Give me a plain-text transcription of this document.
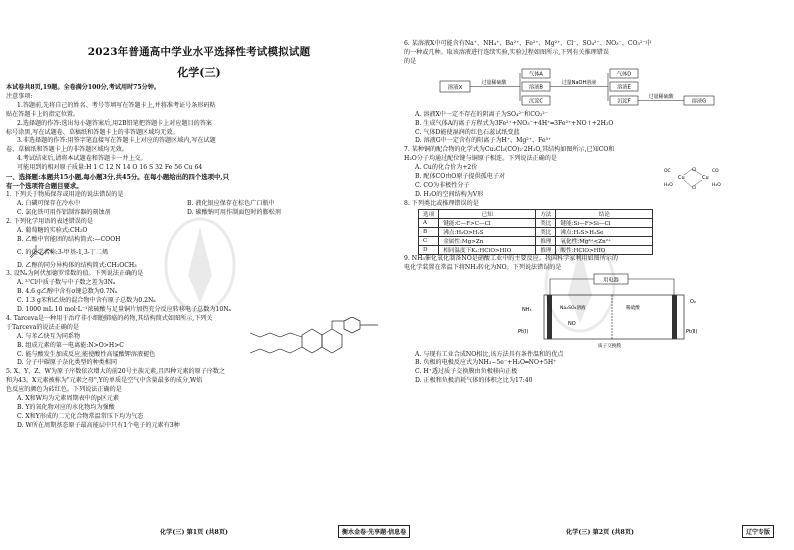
2023年普通高中学业水平选择性考试模拟试题
化学(三)

本试卷共8页,19题。全卷满分100分,考试用时75分钟。

注意事项:

1.答题前,先将自己的姓名、考号等填写在答题卡上,并将准考证号条形码粘

贴在答题卡上的指定位置。

2.选择题的作答:选出每小题答案后,用2B铅笔把答题卡上对应题目的答案

标号涂黑,写在试题卷、草稿纸和答题卡上的非答题区域均无效。

3.非选择题的作答:用签字笔直接写在答题卡上对应的答题区域内,写在试题

卷、草稿纸和答题卡上的非答题区域均无效。

4.考试结束后,请将本试题卷和答题卡一并上交。

可能用到的相对原子质量:H 1 C 12 N 14 O 16 S 32 Fe 56 Cu 64

一、选择题:本题共15小题,每小题3分,共45分。在每小题给出的四个选项中,只
有一个选项符合题目要求。

1. 下列关于物质保存或用途的说法错误的是

A. 白磷可保存在冷水中	B. 液化银应保存在棕色广口瓶中
C. 氯化铁可用作铝制容器的刻蚀剂	D. 碳酸钠可用作制面包时的膨松剂

2. 下列化学用语的表述错误的是

A. 葡萄糖的实验式:CH₂O

B. 乙酸中官能团的结构简式:—COOH

C. 的化学名称:3-甲基-1,3-丁二烯

D. 乙醇的同分异构体的结构简式:CH₃OCH₃

3. 设Nₐ为阿伏加德罗常数的值。下列说法正确的是

A. ³⁷Cl中质子数与中子数之差为3Nₐ

B. 4.6 g乙醇中含有σ键总数为0.7Nₐ

C. 1.3 g苯和乙炔的混合物中含有原子总数为0.2Nₐ

D. 1000 mL 10 mol·L⁻¹浓硫酸与足量铜片加热充分反应转移电子总数为10Nₐ

4. Tarceva是一种用于治疗非小细胞肺癌的药物,其结构简式如图所示,下列关

于Tarceva的说法正确的是

A. 与苯乙炔互为同系物

B. 组成元素的第一电离能:N>O>H>C

C. 能与酸发生加成反应,能使酸性高锰酸钾溶液褪色

D. 分子中碳原子杂化类型的种类相同

5. X、Y、Z、W为原子序数依次增大的前20号主族元素,且四种元素的原子序数之

和为43。X元素被称为"元素之母",Y的单质是空气中含量最多的成分,W焰

色反应的颜色为砖红色。下列说法正确的是

A. X和W均为元素周期表中的p区元素

B. Y的氧化物对应的水化物均为强酸

C. X和Y形成的二元化合物常温常压下均为气态

D. W所在周期基态原子最高能层中只有1个电子的元素有3种

6. 某溶液X中可能含有Na⁺、NH₄⁺、Ba²⁺、Fe²⁺、Mg²⁺、Cl⁻、SO₄²⁻、NO₃⁻、CO₃²⁻中

的一种或几种。取该溶液进行连续实验,实验过程如图所示,下列有关推理错误

的是

溶液X
过量稀硫酸
气体A
溶液B
沉淀C
过量NaOH溶液
气体D
溶液E
沉淀F
过量稀硫酸
溶液G

A. 溶液X中一定不存在的阴离子为SO₄²⁻和CO₃²⁻

B. 生成气体A的离子方程式为3Fe²⁺+NO₃⁻+4H⁺═3Fe³⁺+NO↑+2H₂O

C. 气体D能使湿润的红色石蕊试纸变蓝

D. 溶液G中一定含有的阳离子为H⁺、Mg²⁺、Fe³⁺

7. 某种铜的配合物的化学式为Cu₂Cl₂(CO)₂·2H₂O,其结构如图所示,已知CO和

H₂O分子均通过配位键与铜原子相连。下列说法正确的是

A. Cu的化合价为+2价

B. 配体CO由O原子提供孤电子对

C. CO为非极性分子

D. H₂O的空间结构为V形

OC
H₂O
Cu
Cl
Cl
Cu
CO
H₂O

8. 下列类比或推理错误的是

选项	已知	方法	结论
A	键能:C—F>C—Cl	类比	键能:Si—F>Si—Cl
B	沸点:H₂O>H₂S	类比	沸点:H₂S>H₂Se
C	金属性:Mg>Zn	推理	氧化性:Mg²⁺<Zn²⁺
D	相同温度下Kₐ:HClO>HIO	推理	酸性:HClO>HIO

9. NH₃催化氧化制备NO是硝酸工业中的主要反应。我国科学家利用如图所示的

电化学装置在常温下将NH₃转化为NO。下列说法错误的是

用电器
Na₂SO₄溶液	稀硫酸
NH₃
O₂
NO
Pt(Ⅰ)	Pt(Ⅱ)
质子交换膜

A. 与现有工业合成NO相比,该方法具有条件温和的优点

B. 负极的电极反应式为NH₃−5e⁻+H₂O═NO+5H⁺

C. H⁺透过质子交换膜由负极移向正极

D. 正极和负极消耗气体的体积之比为17:40

化学(三) 第1页 (共8页)	衡水金卷·先享题·信息卷	化学(三) 第2页 (共8页)	辽宁专版
